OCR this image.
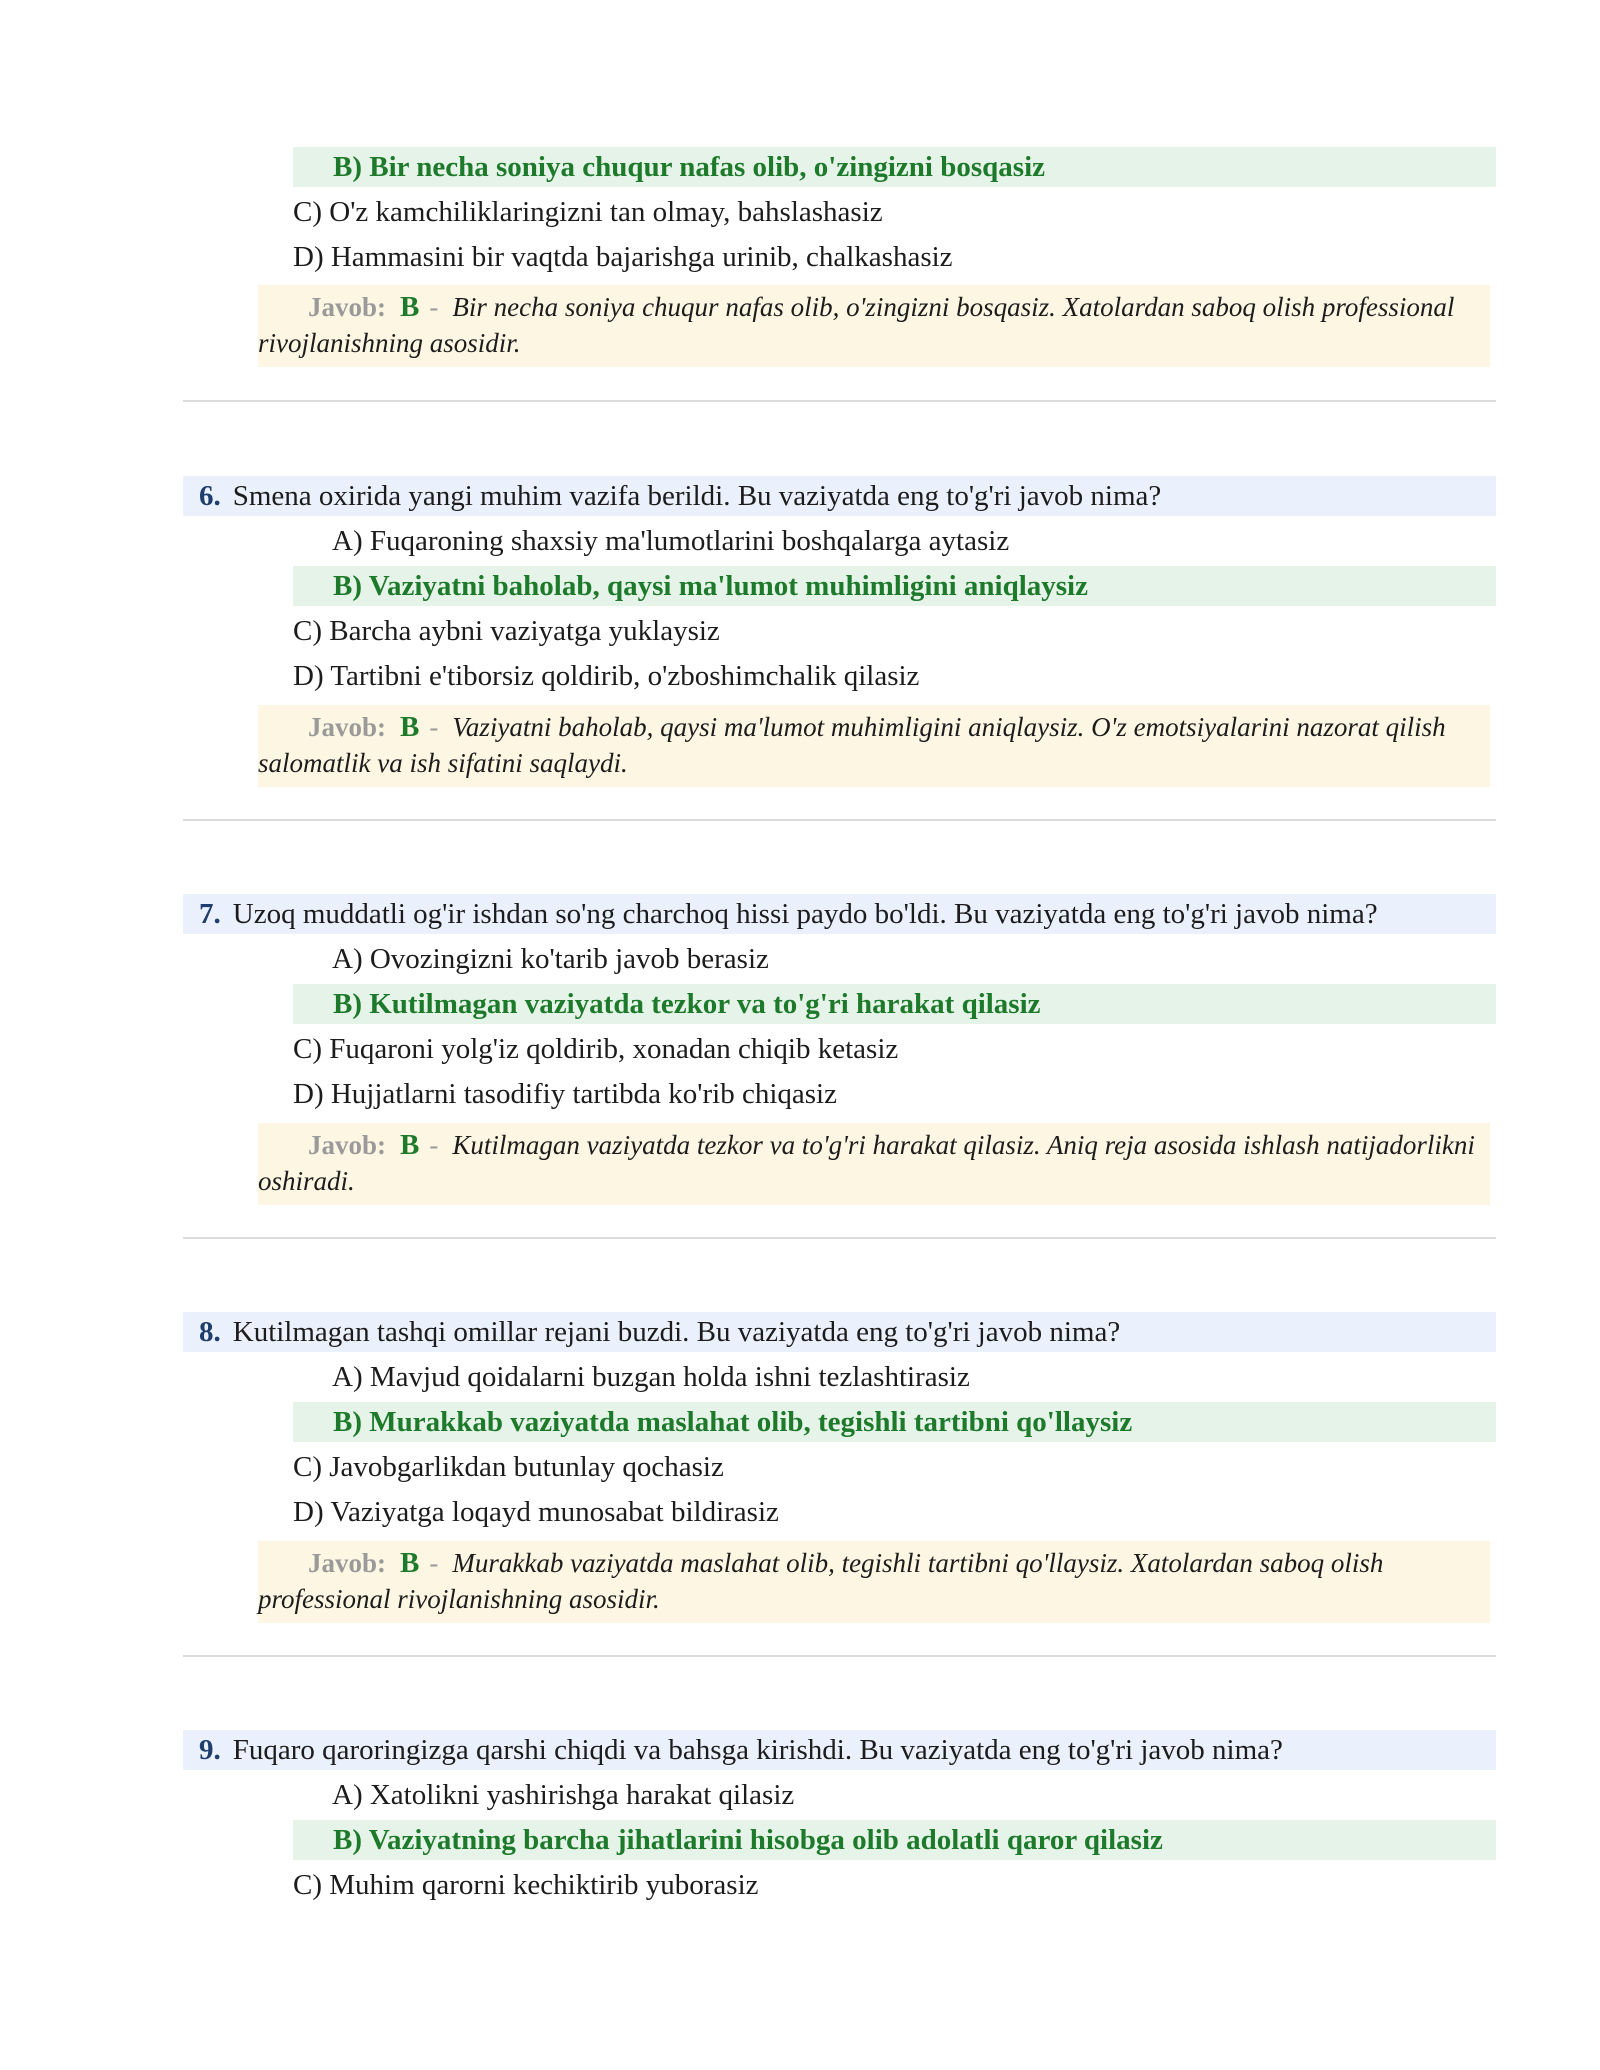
B) Bir necha soniya chuqur nafas olib, o'zingizni bosqasiz
C) O'z kamchiliklaringizni tan olmay, bahslashasiz
D) Hammasini bir vaqtda bajarishga urinib, chalkashasiz
Javob: B - Bir necha soniya chuqur nafas olib, o'zingizni bosqasiz. Xatolardan saboq olish professional rivojlanishning asosidir.
6. Smena oxirida yangi muhim vazifa berildi. Bu vaziyatda eng to'g'ri javob nima?
A) Fuqaroning shaxsiy ma'lumotlarini boshqalarga aytasiz
B) Vaziyatni baholab, qaysi ma'lumot muhimligini aniqlaysiz
C) Barcha aybni vaziyatga yuklaysiz
D) Tartibni e'tiborsiz qoldirib, o'zboshimchalik qilasiz
Javob: B - Vaziyatni baholab, qaysi ma'lumot muhimligini aniqlaysiz. O'z emotsiyalarini nazorat qilish salomatlik va ish sifatini saqlaydi.
7. Uzoq muddatli og'ir ishdan so'ng charchoq hissi paydo bo'ldi. Bu vaziyatda eng to'g'ri javob nima?
A) Ovozingizni ko'tarib javob berasiz
B) Kutilmagan vaziyatda tezkor va to'g'ri harakat qilasiz
C) Fuqaroni yolg'iz qoldirib, xonadan chiqib ketasiz
D) Hujjatlarni tasodifiy tartibda ko'rib chiqasiz
Javob: B - Kutilmagan vaziyatda tezkor va to'g'ri harakat qilasiz. Aniq reja asosida ishlash natijadorlikni oshiradi.
8. Kutilmagan tashqi omillar rejani buzdi. Bu vaziyatda eng to'g'ri javob nima?
A) Mavjud qoidalarni buzgan holda ishni tezlashtirasiz
B) Murakkab vaziyatda maslahat olib, tegishli tartibni qo'llaysiz
C) Javobgarlikdan butunlay qochasiz
D) Vaziyatga loqayd munosabat bildirasiz
Javob: B - Murakkab vaziyatda maslahat olib, tegishli tartibni qo'llaysiz. Xatolardan saboq olish professional rivojlanishning asosidir.
9. Fuqaro qaroringizga qarshi chiqdi va bahsga kirishdi. Bu vaziyatda eng to'g'ri javob nima?
A) Xatolikni yashirishga harakat qilasiz
B) Vaziyatning barcha jihatlarini hisobga olib adolatli qaror qilasiz
C) Muhim qarorni kechiktirib yuborasiz
